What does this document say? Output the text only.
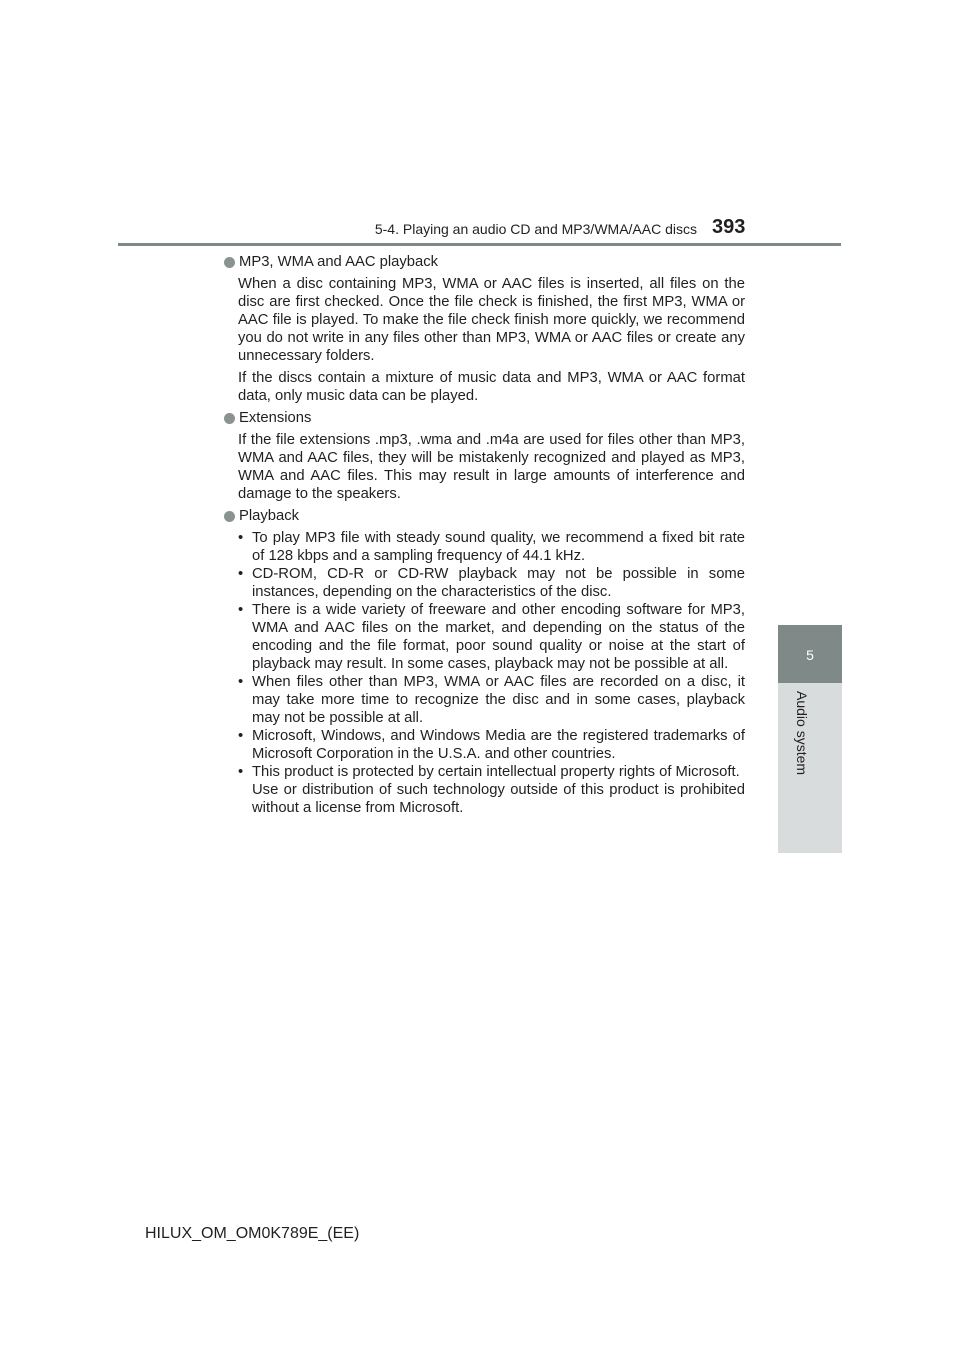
5-4. Playing an audio CD and MP3/WMA/AAC discs 393
5
Audio system
MP3, WMA and AAC playback

When a disc containing MP3, WMA or AAC files is inserted, all files on the disc are first checked. Once the file check is finished, the first MP3, WMA or AAC file is played. To make the file check finish more quickly, we recommend you do not write in any files other than MP3, WMA or AAC files or create any unnecessary folders.

If the discs contain a mixture of music data and MP3, WMA or AAC format data, only music data can be played.

Extensions

If the file extensions .mp3, .wma and .m4a are used for files other than MP3, WMA and AAC files, they will be mistakenly recognized and played as MP3, WMA and AAC files. This may result in large amounts of interference and damage to the speakers.

Playback
• To play MP3 file with steady sound quality, we recommend a fixed bit rate of 128 kbps and a sampling frequency of 44.1 kHz.
• CD-ROM, CD-R or CD-RW playback may not be possible in some instances, depending on the characteristics of the disc.
• There is a wide variety of freeware and other encoding software for MP3, WMA and AAC files on the market, and depending on the status of the encoding and the file format, poor sound quality or noise at the start of playback may result. In some cases, playback may not be possible at all.
• When files other than MP3, WMA or AAC files are recorded on a disc, it may take more time to recognize the disc and in some cases, playback may not be possible at all.
• Microsoft, Windows, and Windows Media are the registered trademarks of Microsoft Corporation in the U.S.A. and other countries.
• This product is protected by certain intellectual property rights of Microsoft.
Use or distribution of such technology outside of this product is prohibited without a license from Microsoft.
HILUX_OM_OM0K789E_(EE)
